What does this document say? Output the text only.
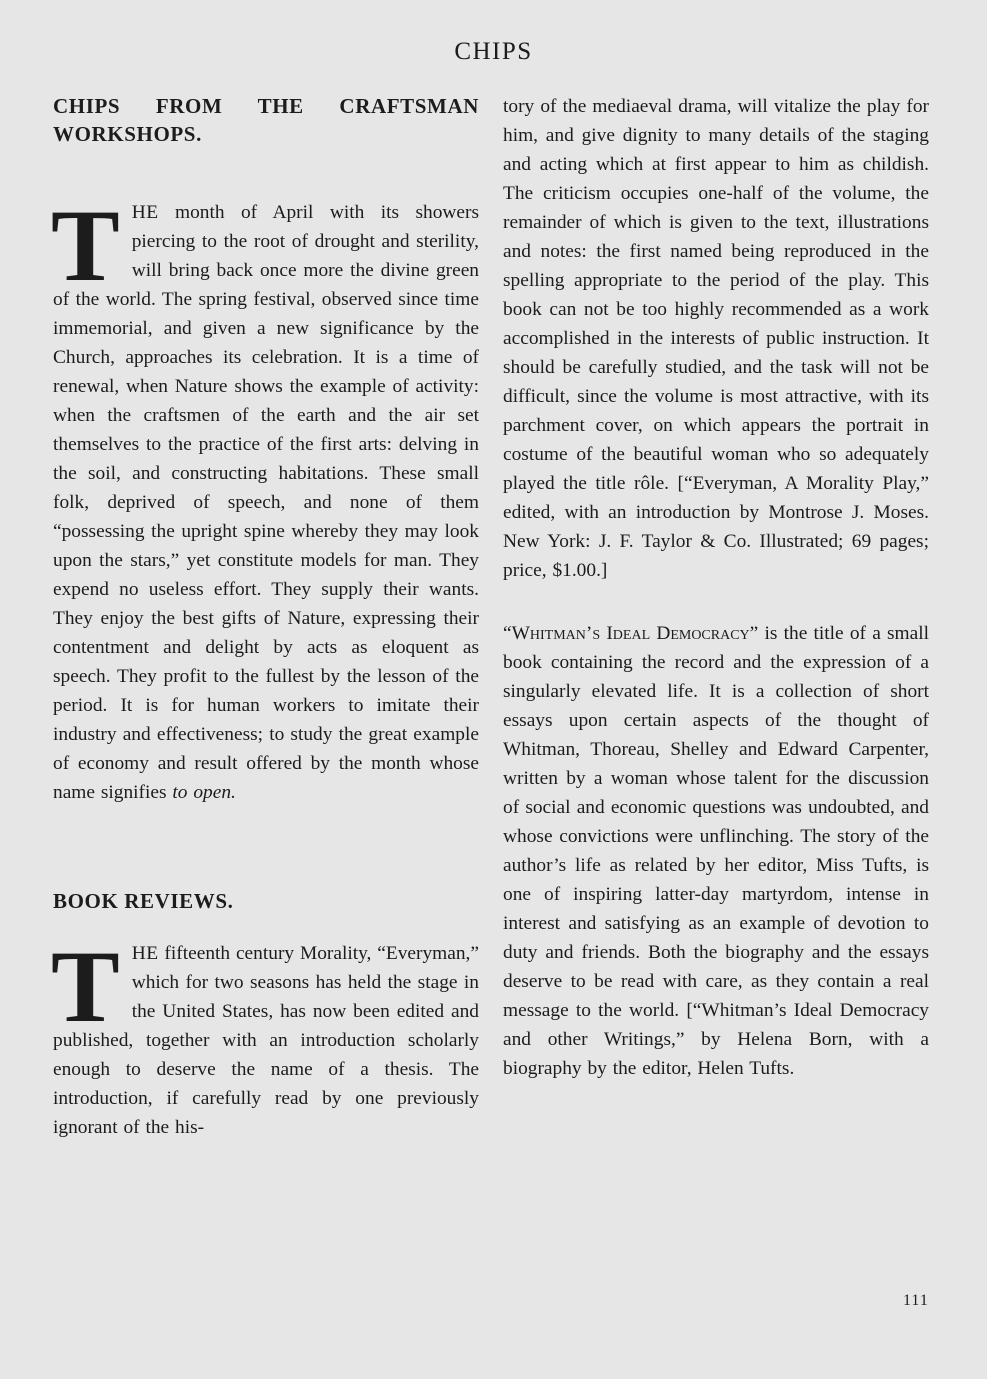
CHIPS
CHIPS FROM THE CRAFTSMAN WORKSHOPS.

THE month of April with its showers piercing to the root of drought and sterility, will bring back once more the divine green of the world. The spring festival, observed since time immemorial, and given a new significance by the Church, approaches its celebration. It is a time of renewal, when Nature shows the example of activity: when the craftsmen of the earth and the air set themselves to the practice of the first arts: delving in the soil, and constructing habitations. These small folk, deprived of speech, and none of them “possessing the upright spine whereby they may look upon the stars,” yet constitute models for man. They expend no useless effort. They supply their wants. They enjoy the best gifts of Nature, expressing their contentment and delight by acts as eloquent as speech. They profit to the fullest by the lesson of the period. It is for human workers to imitate their industry and effectiveness; to study the great example of economy and result offered by the month whose name signifies to open.

BOOK REVIEWS.

THE fifteenth century Morality, “Everyman,” which for two seasons has held the stage in the United States, has now been edited and published, together with an introduction scholarly enough to deserve the name of a thesis. The introduction, if carefully read by one previously ignorant of the his-

tory of the mediaeval drama, will vitalize the play for him, and give dignity to many details of the staging and acting which at first appear to him as childish. The criticism occupies one-half of the volume, the remainder of which is given to the text, illustrations and notes: the first named being reproduced in the spelling appropriate to the period of the play. This book can not be too highly recommended as a work accomplished in the interests of public instruction. It should be carefully studied, and the task will not be difficult, since the volume is most attractive, with its parchment cover, on which appears the portrait in costume of the beautiful woman who so adequately played the title rôle. [“Everyman, A Morality Play,” edited, with an introduction by Montrose J. Moses. New York: J. F. Taylor & Co. Illustrated; 69 pages; price, $1.00.]

“Whitman’s Ideal Democracy” is the title of a small book containing the record and the expression of a singularly elevated life. It is a collection of short essays upon certain aspects of the thought of Whitman, Thoreau, Shelley and Edward Carpenter, written by a woman whose talent for the discussion of social and economic questions was undoubted, and whose convictions were unflinching. The story of the author’s life as related by her editor, Miss Tufts, is one of inspiring latter-day martyrdom, intense in interest and satisfying as an example of devotion to duty and friends. Both the biography and the essays deserve to be read with care, as they contain a real message to the world. [“Whitman’s Ideal Democracy and other Writings,” by Helena Born, with a biography by the editor, Helen Tufts.

111
